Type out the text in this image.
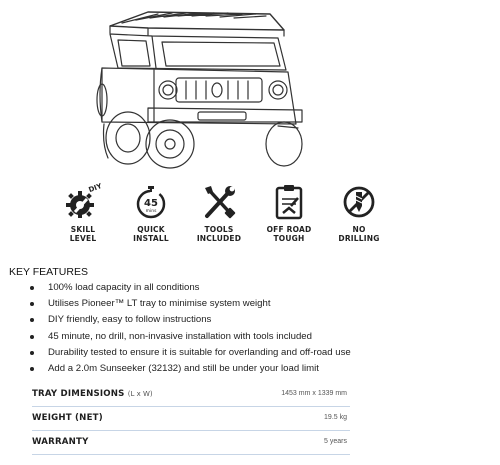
DIY
SKILL
LEVEL
45
mins
QUICK
INSTALL
TOOLS
INCLUDED
OFF ROAD
TOUGH
NO
DRILLING
KEY FEATURES
100% load capacity in all conditions
Utilises Pioneer™ LT tray to minimise system weight
DIY friendly, easy to follow instructions
45 minute, no drill, non-invasive installation with tools included
Durability tested to ensure it is suitable for overlanding and off-road use
Add a 2.0m Sunseeker (32132) and still be under your load limit
TRAY DIMENSIONS (L x W)	1453 mm x 1339 mm
WEIGHT (NET)	19.5 kg
WARRANTY	5 years
